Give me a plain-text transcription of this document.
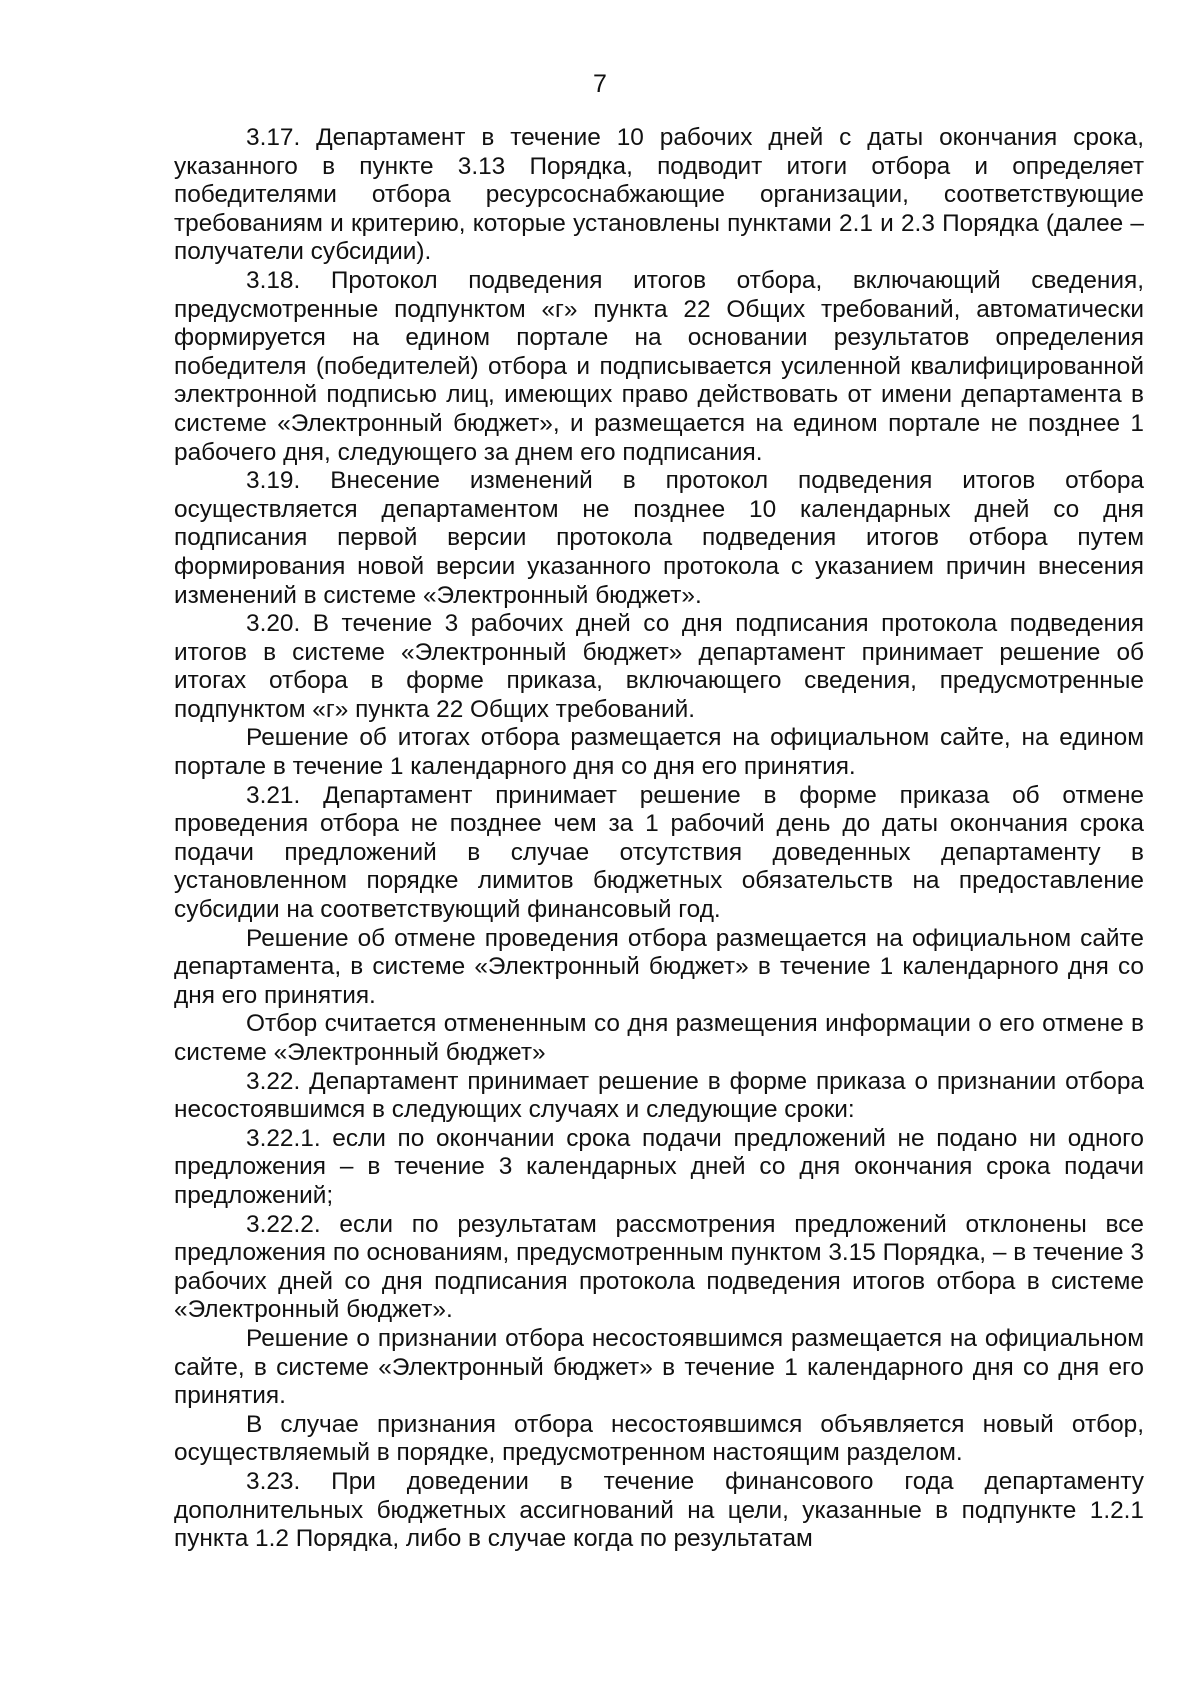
7

3.17. Департамент в течение 10 рабочих дней с даты окончания срока, указанного в пункте 3.13 Порядка, подводит итоги отбора и определяет победителями отбора ресурсоснабжающие организации, соответствующие требованиям и критерию, которые установлены пунктами 2.1 и 2.3 Порядка (далее – получатели субсидии).

3.18. Протокол подведения итогов отбора, включающий сведения, предусмотренные подпунктом «г» пункта 22 Общих требований, автоматически формируется на едином портале на основании результатов определения победителя (победителей) отбора и подписывается усиленной квалифицированной электронной подписью лиц, имеющих право действовать от имени департамента в системе «Электронный бюджет», и размещается на едином портале не позднее 1 рабочего дня, следующего за днем его подписания.

3.19. Внесение изменений в протокол подведения итогов отбора осуществляется департаментом не позднее 10 календарных дней со дня подписания первой версии протокола подведения итогов отбора путем формирования новой версии указанного протокола с указанием причин внесения изменений в системе «Электронный бюджет».

3.20. В течение 3 рабочих дней со дня подписания протокола подведения итогов в системе «Электронный бюджет» департамент принимает решение об итогах отбора в форме приказа, включающего сведения, предусмотренные подпунктом «г» пункта 22 Общих требований.

Решение об итогах отбора размещается на официальном сайте, на едином портале в течение 1 календарного дня со дня его принятия.

3.21. Департамент принимает решение в форме приказа об отмене проведения отбора не позднее чем за 1 рабочий день до даты окончания срока подачи предложений в случае отсутствия доведенных департаменту в установленном порядке лимитов бюджетных обязательств на предоставление субсидии на соответствующий финансовый год.

Решение об отмене проведения отбора размещается на официальном сайте департамента, в системе «Электронный бюджет» в течение 1 календарного дня со дня его принятия.

Отбор считается отмененным со дня размещения информации о его отмене в системе «Электронный бюджет»

3.22. Департамент принимает решение в форме приказа о признании отбора несостоявшимся в следующих случаях и следующие сроки:

3.22.1. если по окончании срока подачи предложений не подано ни одного предложения – в течение 3 календарных дней со дня окончания срока подачи предложений;

3.22.2. если по результатам рассмотрения предложений отклонены все предложения по основаниям, предусмотренным пунктом 3.15 Порядка, – в течение 3 рабочих дней со дня подписания протокола подведения итогов отбора в системе «Электронный бюджет».

Решение о признании отбора несостоявшимся размещается на официальном сайте, в системе «Электронный бюджет» в течение 1 календарного дня со дня его принятия.

В случае признания отбора несостоявшимся объявляется новый отбор, осуществляемый в порядке, предусмотренном настоящим разделом.

3.23. При доведении в течение финансового года департаменту дополнительных бюджетных ассигнований на цели, указанные в подпункте 1.2.1 пункта 1.2 Порядка, либо в случае когда по результатам
